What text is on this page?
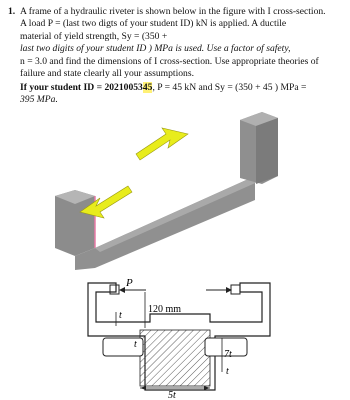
1. A frame of a hydraulic riveter is shown below in the figure with I cross-section.
A load P = (last two digts of your student ID) kN is applied. A ductile
material of yield strength, Sy = (350 +
last two digits of your student ID ) MPa is used. Use a factor of safety,
n = 3.0 and find the dimensions of I cross-section. Use appropriate theories of
failure and state clearly all your assumptions.
If your student ID = 2021005345, P = 45 kN and Sy = (350 + 45 ) MPa =
395 MPa.
P
t
120 mm
7t
t
t
5t
